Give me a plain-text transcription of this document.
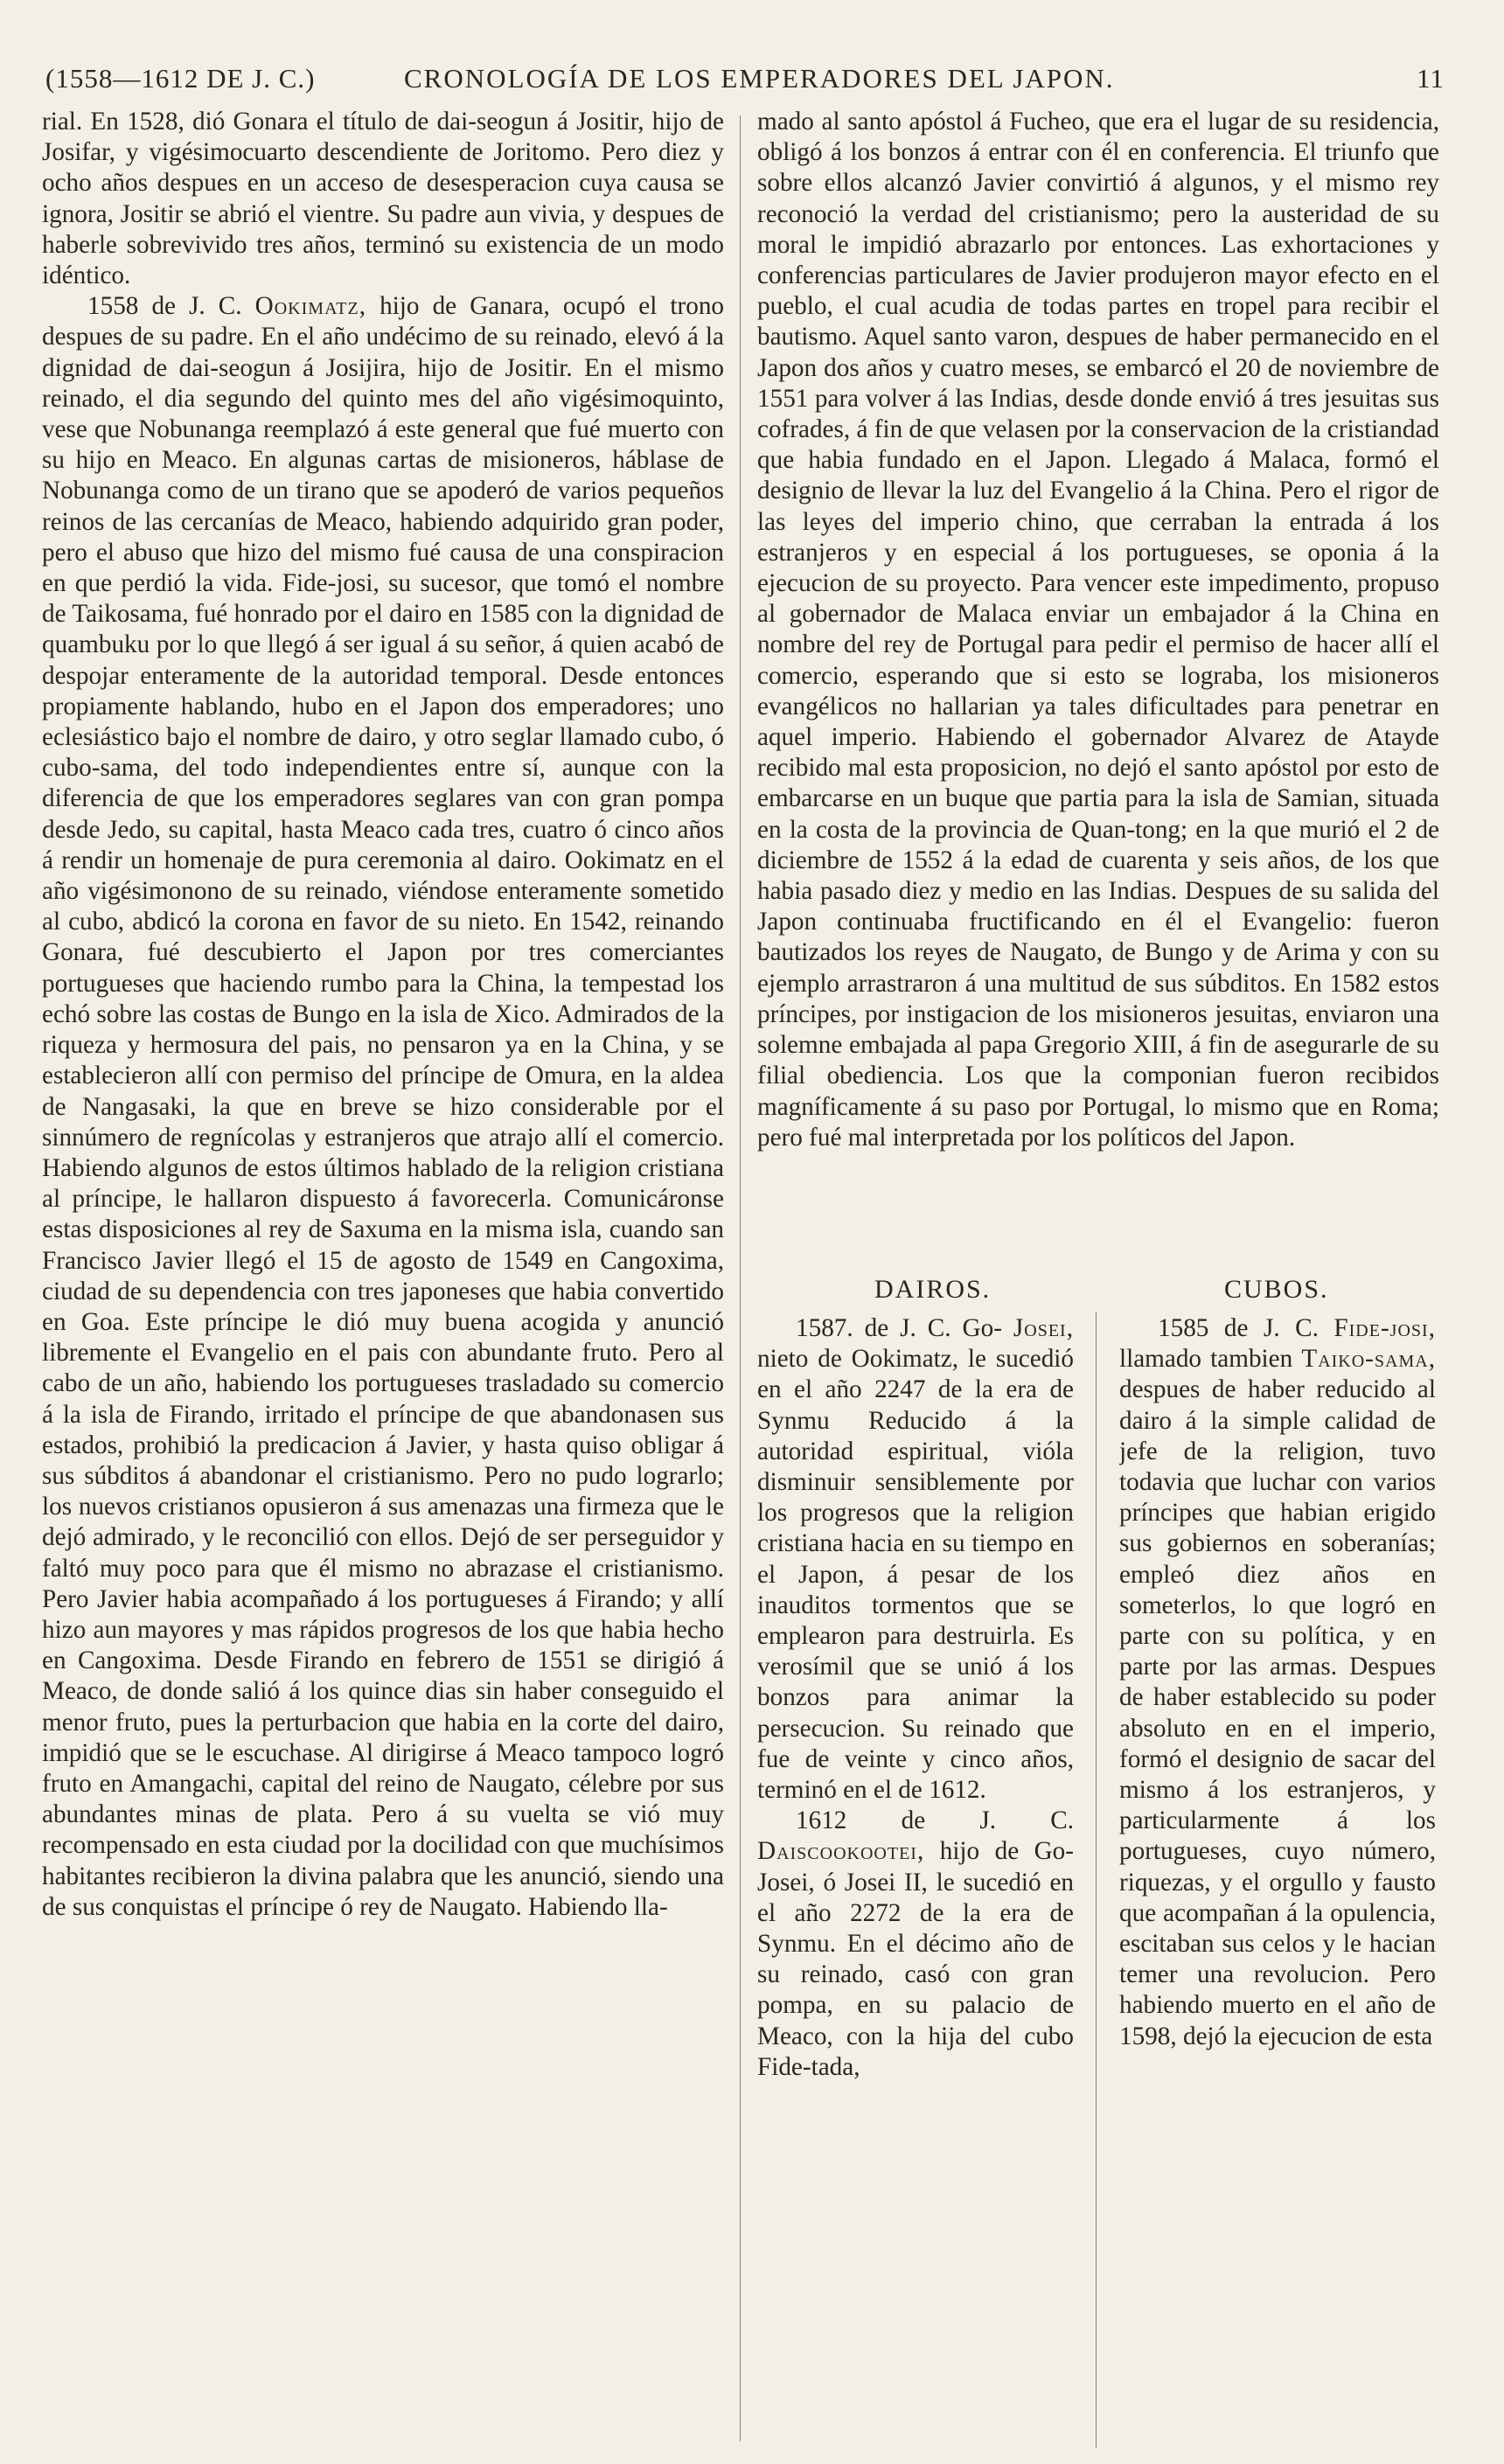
(1558—1612 DE J. C.)	CRONOLOGÍA DE LOS EMPERADORES DEL JAPON.	11

rial. En 1528, dió Gonara el título de dai-seogun á Jositir, hijo de Josifar, y vigésimocuarto descendiente de Joritomo. Pero diez y ocho años despues en un acceso de desesperacion cuya causa se ignora, Jositir se abrió el vientre. Su padre aun vivia, y despues de haberle sobrevivido tres años, terminó su existencia de un modo idéntico.

1558 de J. C. Ookimatz, hijo de Ganara, ocupó el trono despues de su padre. En el año undécimo de su reinado, elevó á la dignidad de dai-seogun á Josijira, hijo de Jositir. En el mismo reinado, el dia segundo del quinto mes del año vigésimoquinto, vese que Nobunanga reemplazó á este general que fué muerto con su hijo en Meaco. En algunas cartas de misioneros, háblase de Nobunanga como de un tirano que se apoderó de varios pequeños reinos de las cercanías de Meaco, habiendo adquirido gran poder, pero el abuso que hizo del mismo fué causa de una conspiracion en que perdió la vida. Fide-josi, su sucesor, que tomó el nombre de Taikosama, fué honrado por el dairo en 1585 con la dignidad de quambuku por lo que llegó á ser igual á su señor, á quien acabó de despojar enteramente de la autoridad temporal. Desde entonces propiamente hablando, hubo en el Japon dos emperadores; uno eclesiástico bajo el nombre de dairo, y otro seglar llamado cubo, ó cubo-sama, del todo independientes entre sí, aunque con la diferencia de que los emperadores seglares van con gran pompa desde Jedo, su capital, hasta Meaco cada tres, cuatro ó cinco años á rendir un homenaje de pura ceremonia al dairo. Ookimatz en el año vigésimonono de su reinado, viéndose enteramente sometido al cubo, abdicó la corona en favor de su nieto. En 1542, reinando Gonara, fué descubierto el Japon por tres comerciantes portugueses que haciendo rumbo para la China, la tempestad los echó sobre las costas de Bungo en la isla de Xico. Admirados de la riqueza y hermosura del pais, no pensaron ya en la China, y se establecieron allí con permiso del príncipe de Omura, en la aldea de Nangasaki, la que en breve se hizo considerable por el sinnúmero de regnícolas y estranjeros que atrajo allí el comercio. Habiendo algunos de estos últimos hablado de la religion cristiana al príncipe, le hallaron dispuesto á favorecerla. Comunicáronse estas disposiciones al rey de Saxuma en la misma isla, cuando san Francisco Javier llegó el 15 de agosto de 1549 en Cangoxima, ciudad de su dependencia con tres japoneses que habia convertido en Goa. Este príncipe le dió muy buena acogida y anunció libremente el Evangelio en el pais con abundante fruto. Pero al cabo de un año, habiendo los portugueses trasladado su comercio á la isla de Firando, irritado el príncipe de que abandonasen sus estados, prohibió la predicacion á Javier, y hasta quiso obligar á sus súbditos á abandonar el cristianismo. Pero no pudo lograrlo; los nuevos cristianos opusieron á sus amenazas una firmeza que le dejó admirado, y le reconcilió con ellos. Dejó de ser perseguidor y faltó muy poco para que él mismo no abrazase el cristianismo. Pero Javier habia acompañado á los portugueses á Firando; y allí hizo aun mayores y mas rápidos progresos de los que habia hecho en Cangoxima. Desde Firando en febrero de 1551 se dirigió á Meaco, de donde salió á los quince dias sin haber conseguido el menor fruto, pues la perturbacion que habia en la corte del dairo, impidió que se le escuchase. Al dirigirse á Meaco tampoco logró fruto en Amangachi, capital del reino de Naugato, célebre por sus abundantes minas de plata. Pero á su vuelta se vió muy recompensado en esta ciudad por la docilidad con que muchísimos habitantes recibieron la divina palabra que les anunció, siendo una de sus conquistas el príncipe ó rey de Naugato. Habiendo lla-

mado al santo apóstol á Fucheo, que era el lugar de su residencia, obligó á los bonzos á entrar con él en conferencia. El triunfo que sobre ellos alcanzó Javier convirtió á algunos, y el mismo rey reconoció la verdad del cristianismo; pero la austeridad de su moral le impidió abrazarlo por entonces. Las exhortaciones y conferencias particulares de Javier produjeron mayor efecto en el pueblo, el cual acudia de todas partes en tropel para recibir el bautismo. Aquel santo varon, despues de haber permanecido en el Japon dos años y cuatro meses, se embarcó el 20 de noviembre de 1551 para volver á las Indias, desde donde envió á tres jesuitas sus cofrades, á fin de que velasen por la conservacion de la cristiandad que habia fundado en el Japon. Llegado á Malaca, formó el designio de llevar la luz del Evangelio á la China. Pero el rigor de las leyes del imperio chino, que cerraban la entrada á los estranjeros y en especial á los portugueses, se oponia á la ejecucion de su proyecto. Para vencer este impedimento, propuso al gobernador de Malaca enviar un embajador á la China en nombre del rey de Portugal para pedir el permiso de hacer allí el comercio, esperando que si esto se lograba, los misioneros evangélicos no hallarian ya tales dificultades para penetrar en aquel imperio. Habiendo el gobernador Alvarez de Atayde recibido mal esta proposicion, no dejó el santo apóstol por esto de embarcarse en un buque que partia para la isla de Samian, situada en la costa de la provincia de Quan-tong; en la que murió el 2 de diciembre de 1552 á la edad de cuarenta y seis años, de los que habia pasado diez y medio en las Indias. Despues de su salida del Japon continuaba fructificando en él el Evangelio: fueron bautizados los reyes de Naugato, de Bungo y de Arima y con su ejemplo arrastraron á una multitud de sus súbditos. En 1582 estos príncipes, por instigacion de los misioneros jesuitas, enviaron una solemne embajada al papa Gregorio XIII, á fin de asegurarle de su filial obediencia. Los que la componian fueron recibidos magníficamente á su paso por Portugal, lo mismo que en Roma; pero fué mal interpretada por los políticos del Japon.

DAIROS.	CUBOS.

1587. de J. C. Go- Josei, nieto de Ookimatz, le sucedió en el año 2247 de la era de Synmu Reducido á la autoridad espiritual, vióla disminuir sensiblemente por los progresos que la religion cristiana hacia en su tiempo en el Japon, á pesar de los inauditos tormentos que se emplearon para destruirla. Es verosímil que se unió á los bonzos para animar la persecucion. Su reinado que fue de veinte y cinco años, terminó en el de 1612.

1612 de J. C. Daiscookootei, hijo de Go-Josei, ó Josei II, le sucedió en el año 2272 de la era de Synmu. En el décimo año de su reinado, casó con gran pompa, en su palacio de Meaco, con la hija del cubo Fide-tada,

1585 de J. C. Fide-josi, llamado tambien Taiko-sama, despues de haber reducido al dairo á la simple calidad de jefe de la religion, tuvo todavia que luchar con varios príncipes que habian erigido sus gobiernos en soberanías; empleó diez años en someterlos, lo que logró en parte con su política, y en parte por las armas. Despues de haber establecido su poder absoluto en en el imperio, formó el designio de sacar del mismo á los estranjeros, y particularmente á los portugueses, cuyo número, riquezas, y el orgullo y fausto que acompañan á la opulencia, escitaban sus celos y le hacian temer una revolucion. Pero habiendo muerto en el año de 1598, dejó la ejecucion de esta
